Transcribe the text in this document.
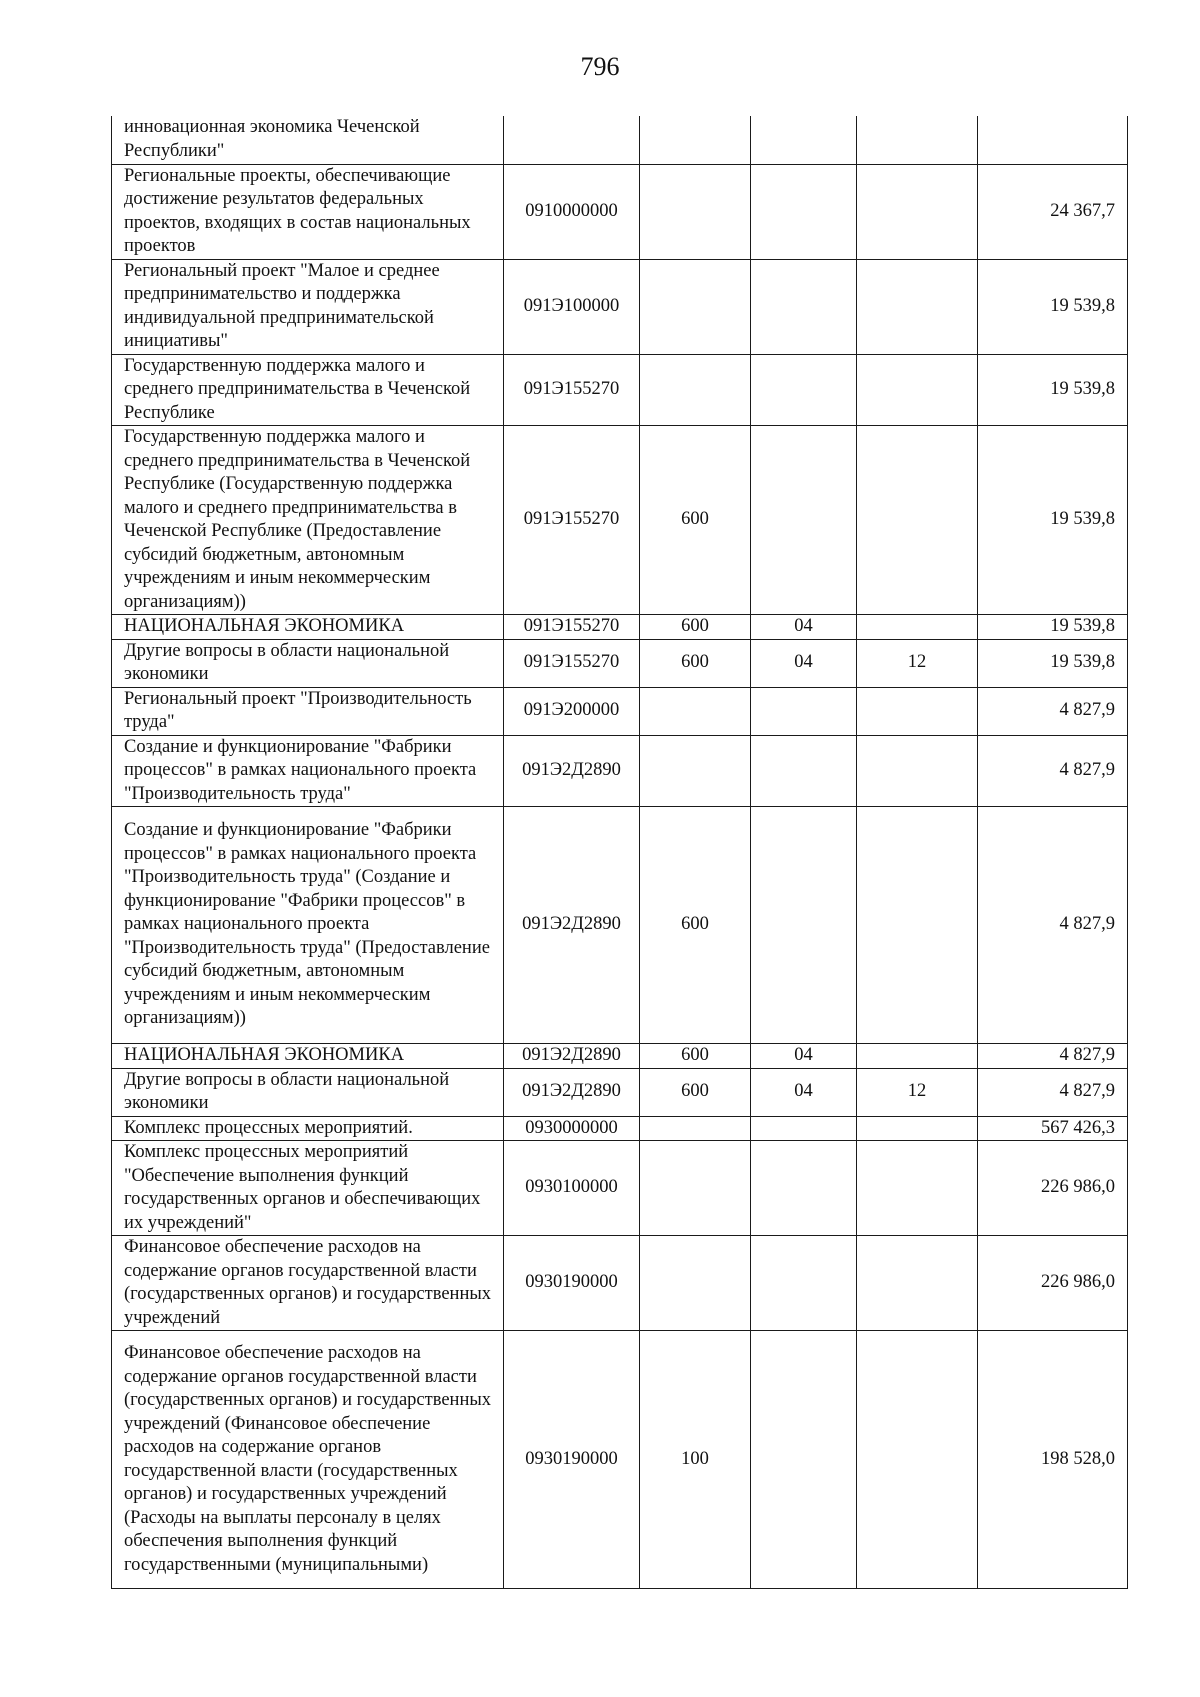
796
инновационная экономика Чеченской Республики"					
Региональные проекты, обеспечивающие достижение результатов федеральных проектов, входящих в состав национальных проектов	0910000000				24 367,7
Региональный проект "Малое и среднее предпринимательство и поддержка индивидуальной предпринимательской инициативы"	091Э100000				19 539,8
Государственную поддержка малого и среднего предпринимательства в Чеченской Республике	091Э155270				19 539,8
Государственную поддержка малого и среднего предпринимательства в Чеченской Республике (Государственную поддержка малого и среднего предпринимательства в Чеченской Республике (Предоставление субсидий бюджетным, автономным учреждениям и иным некоммерческим организациям))	091Э155270	600			19 539,8
НАЦИОНАЛЬНАЯ ЭКОНОМИКА	091Э155270	600	04		19 539,8
Другие вопросы в области национальной экономики	091Э155270	600	04	12	19 539,8
Региональный проект "Производительность труда"	091Э200000				4 827,9
Создание и функционирование "Фабрики процессов" в рамках национального проекта "Производительность труда"	091Э2Д2890				4 827,9
Создание и функционирование "Фабрики процессов" в рамках национального проекта "Производительность труда" (Создание и функционирование "Фабрики процессов" в рамках национального проекта "Производительность труда" (Предоставление субсидий бюджетным, автономным учреждениям и иным некоммерческим организациям))	091Э2Д2890	600			4 827,9
НАЦИОНАЛЬНАЯ ЭКОНОМИКА	091Э2Д2890	600	04		4 827,9
Другие вопросы в области национальной экономики	091Э2Д2890	600	04	12	4 827,9
Комплекс процессных мероприятий.	0930000000				567 426,3
Комплекс процессных мероприятий "Обеспечение выполнения функций государственных органов и обеспечивающих их учреждений"	0930100000				226 986,0
Финансовое обеспечение расходов на содержание органов государственной власти (государственных органов) и государственных учреждений	0930190000				226 986,0
Финансовое обеспечение расходов на содержание органов государственной власти (государственных органов) и государственных учреждений (Финансовое обеспечение расходов на содержание органов государственной власти (государственных органов) и государственных учреждений (Расходы на выплаты персоналу в целях обеспечения выполнения функций государственными (муниципальными)	0930190000	100			198 528,0
